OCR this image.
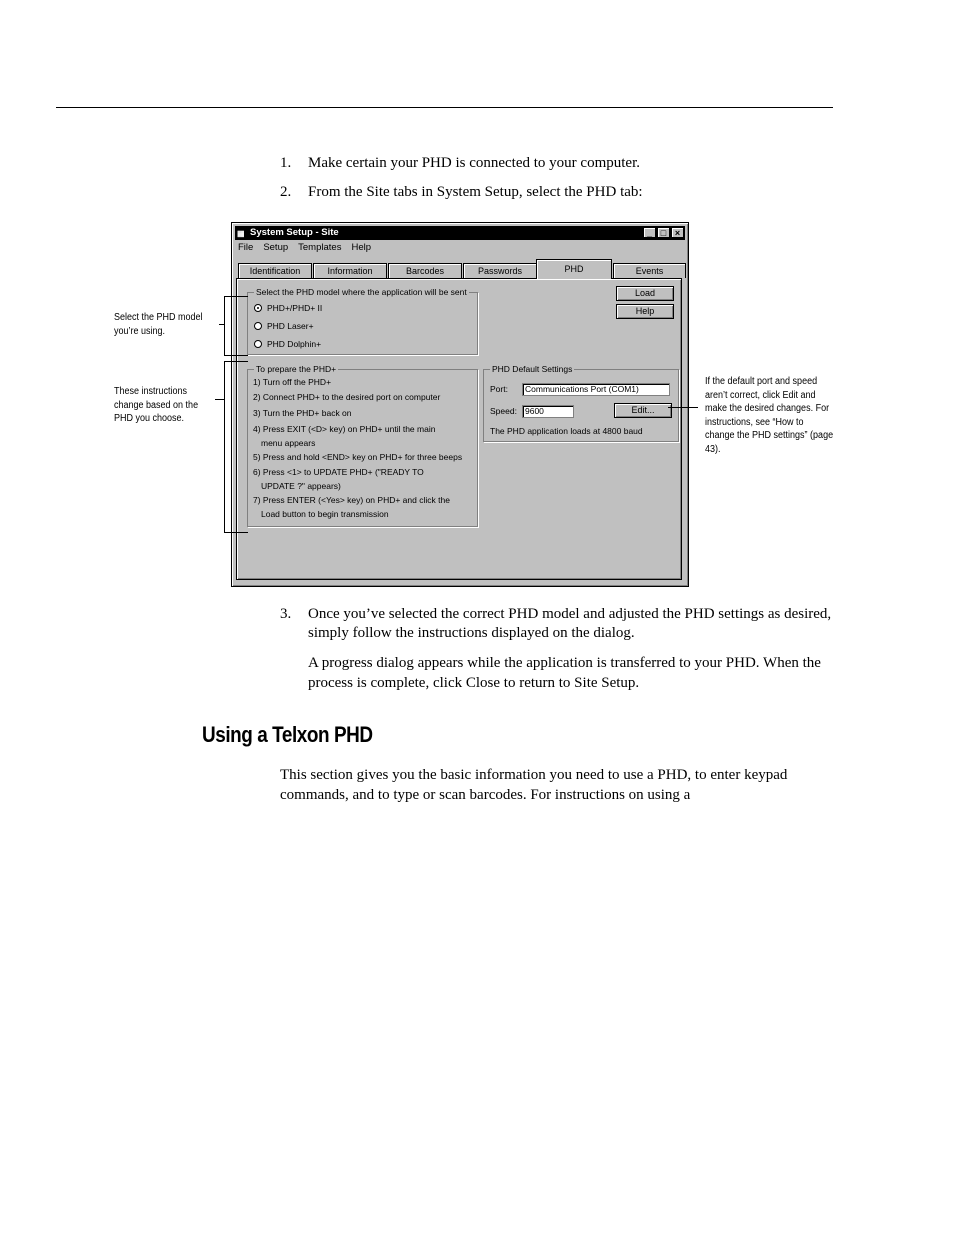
1. Make certain your PHD is connected to your computer.
2. From the Site tabs in System Setup, select the PHD tab:
▦ System Setup - Site	_ □ ×
File Setup Templates Help
Identification	Information	Barcodes	Passwords	PHD	Events
Select the PHD model where the application will be sent
PHD+/PHD+ II
PHD Laser+
PHD Dolphin+
Load
Help
To prepare the PHD+
1) Turn off the PHD+
2) Connect PHD+ to the desired port on computer
3) Turn the PHD+ back on
4) Press EXIT (<D> key) on PHD+ until the main
menu appears
5) Press and hold <END> key on PHD+ for three beeps
6) Press <1> to UPDATE PHD+ ("READY TO
UPDATE ?" appears)
7) Press ENTER (<Yes> key) on PHD+ and click the
Load button to begin transmission
PHD Default Settings
Port:	Communications Port (COM1)
Speed: 9600	Edit...
The PHD application loads at 4800 baud
Select the PHD model you’re using.
These instructions change based on the PHD you choose.
If the default port and speed aren’t correct, click Edit and make the desired changes. For instructions, see “How to change the PHD settings” (page 43).
3. Once you’ve selected the correct PHD model and adjusted the PHD settings as desired, simply follow the instructions displayed on the dialog.
A progress dialog appears while the application is transferred to your PHD. When the process is complete, click Close to return to Site Setup.
Using a Telxon PHD
This section gives you the basic information you need to use a PHD, to enter keypad commands, and to type or scan barcodes. For instructions on using a
